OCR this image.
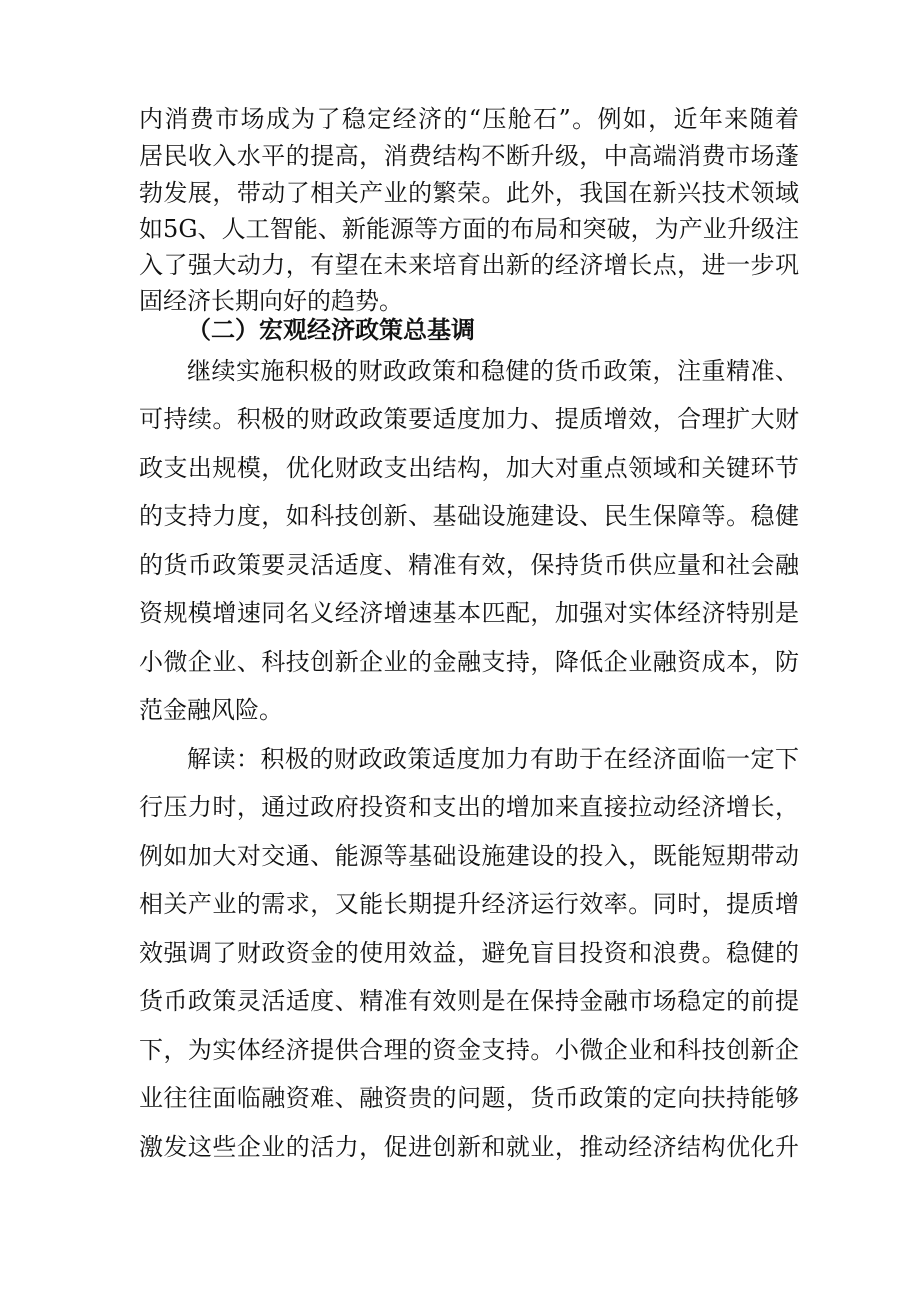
内消费市场成为了稳定经济的“压舱石”。例如，近年来随着
居民收入水平的提高，消费结构不断升级，中高端消费市场蓬
勃发展，带动了相关产业的繁荣。此外，我国在新兴技术领域
如5G、人工智能、新能源等方面的布局和突破，为产业升级注
入了强大动力，有望在未来培育出新的经济增长点，进一步巩
固经济长期向好的趋势。
（二）宏观经济政策总基调
继续实施积极的财政政策和稳健的货币政策，注重精准、
可持续。积极的财政政策要适度加力、提质增效，合理扩大财
政支出规模，优化财政支出结构，加大对重点领域和关键环节
的支持力度，如科技创新、基础设施建设、民生保障等。稳健
的货币政策要灵活适度、精准有效，保持货币供应量和社会融
资规模增速同名义经济增速基本匹配，加强对实体经济特别是
小微企业、科技创新企业的金融支持，降低企业融资成本，防
范金融风险。
解读：积极的财政政策适度加力有助于在经济面临一定下
行压力时，通过政府投资和支出的增加来直接拉动经济增长，
例如加大对交通、能源等基础设施建设的投入，既能短期带动
相关产业的需求，又能长期提升经济运行效率。同时，提质增
效强调了财政资金的使用效益，避免盲目投资和浪费。稳健的
货币政策灵活适度、精准有效则是在保持金融市场稳定的前提
下，为实体经济提供合理的资金支持。小微企业和科技创新企
业往往面临融资难、融资贵的问题，货币政策的定向扶持能够
激发这些企业的活力，促进创新和就业，推动经济结构优化升
